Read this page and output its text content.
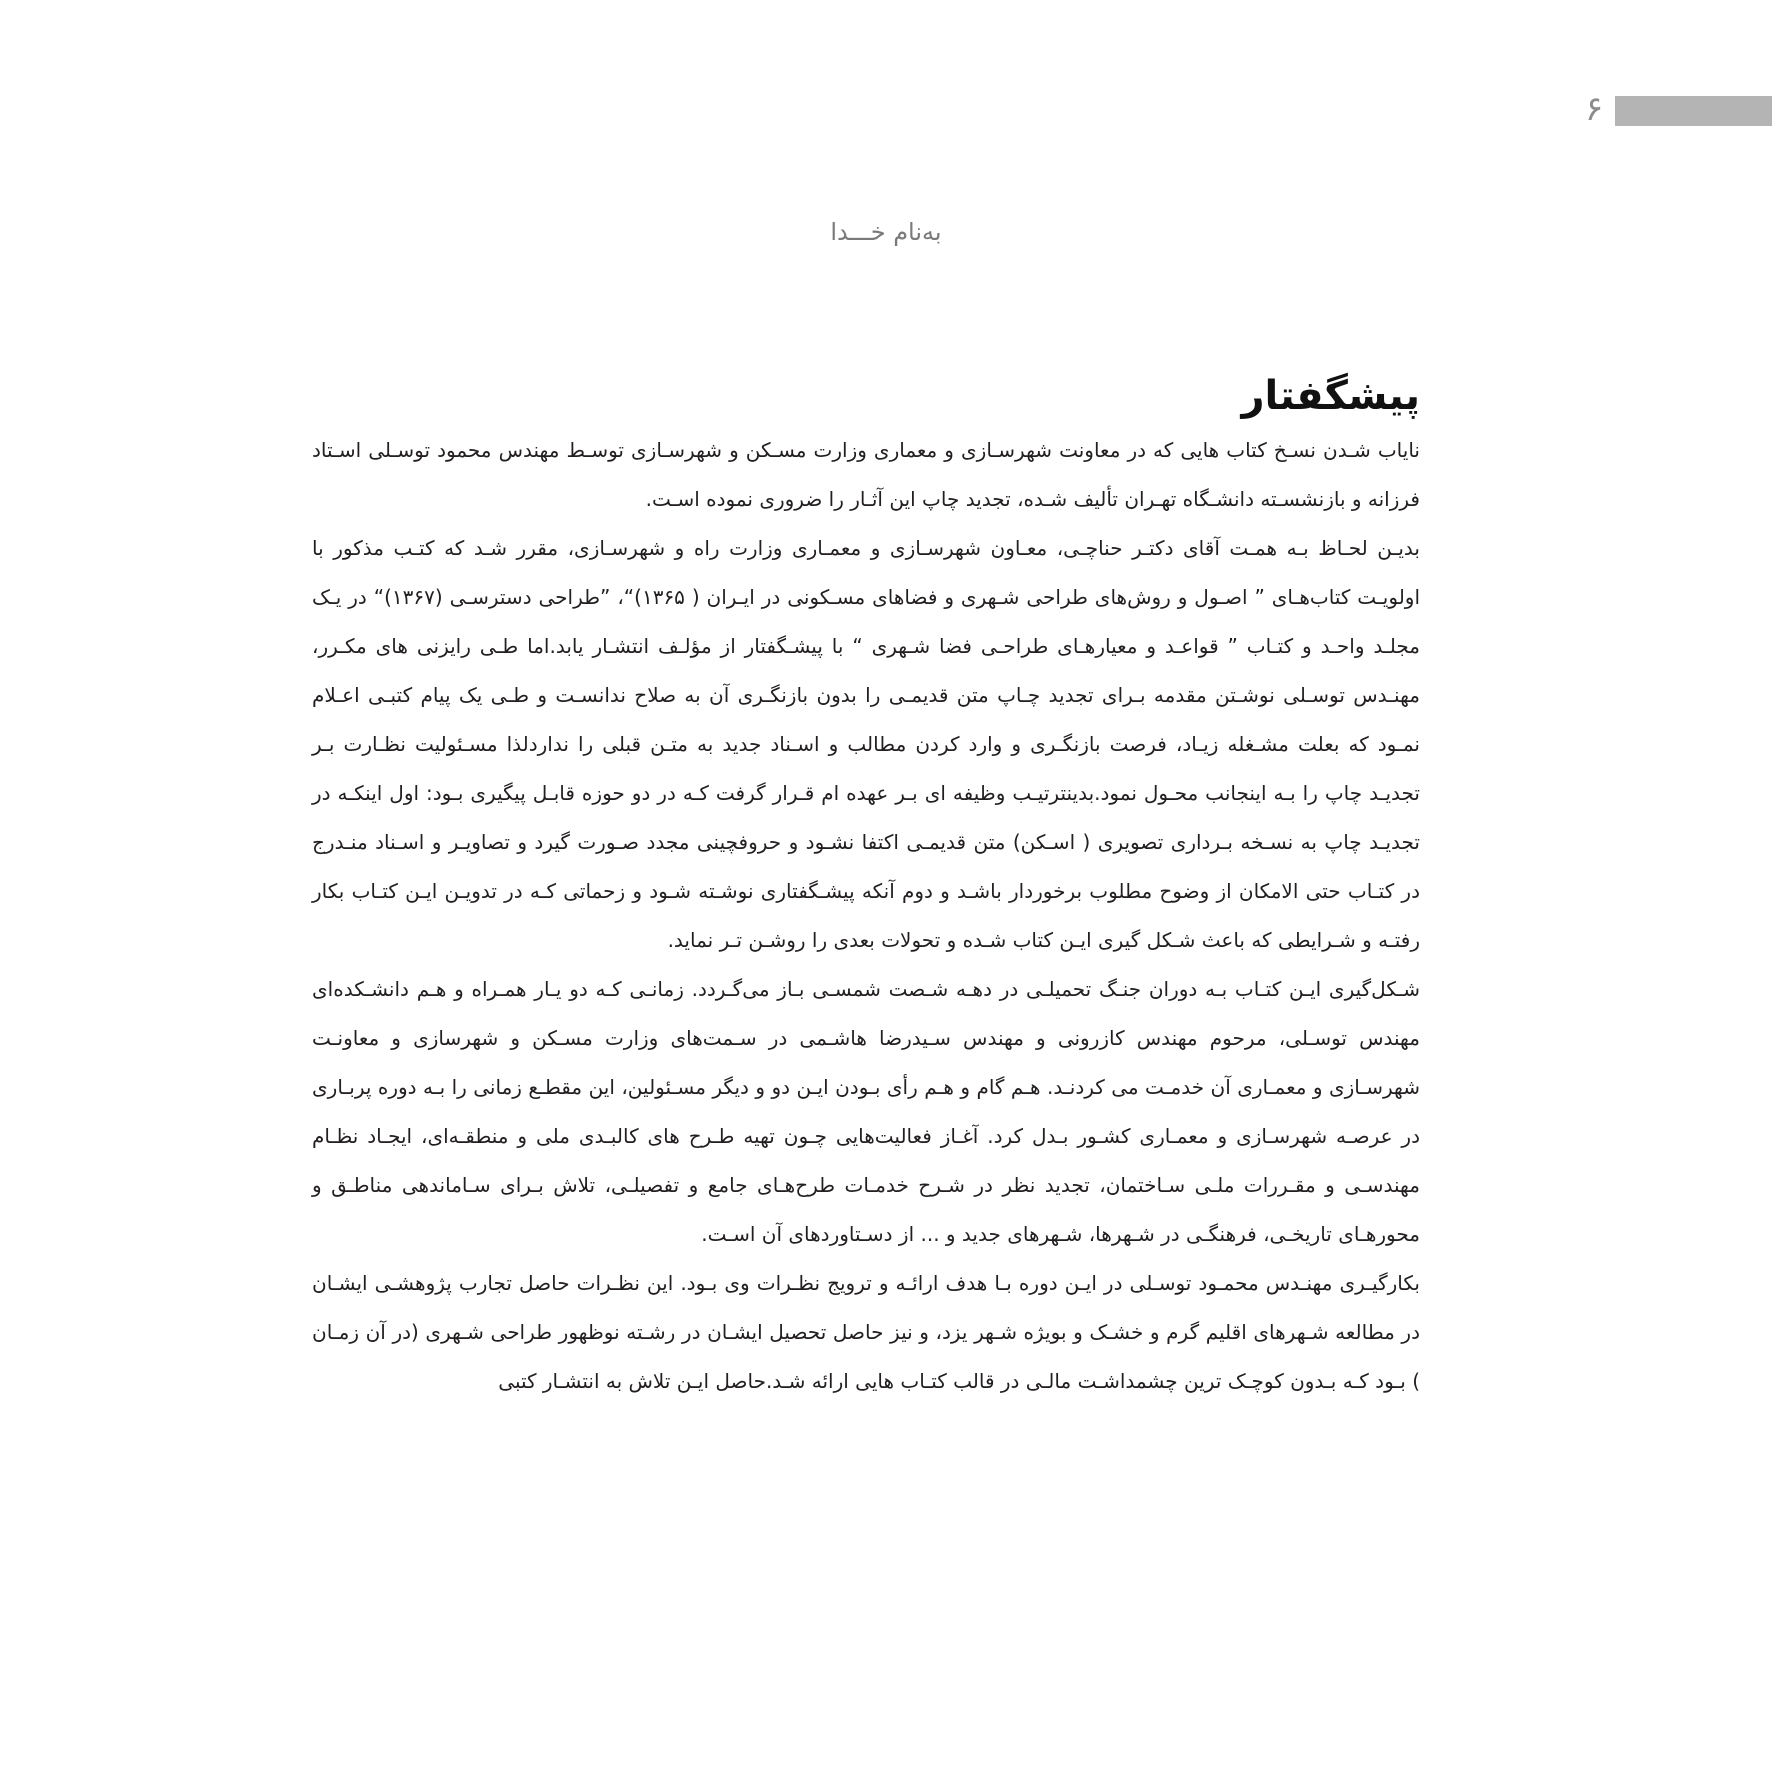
۶
به‌نام خـــدا
پیشگفتار

نایاب شـدن نسـخ کتاب هایی که در معاونت شهرسـازی و معماری وزارت مسـکن و شهرسـازی توسـط مهندس محمود توسـلی اسـتاد فرزانه و بازنشسـته دانشـگاه تهـران تألیف شـده، تجدید چاپ این آثـار را ضروری نموده اسـت.

بدیـن لحـاظ بـه همـت آقای دکتـر حناچـی، معـاون شهرسـازی و معمـاری وزارت راه و شهرسـازی، مقرر شـد که کتـب مذکور با اولویـت کتاب‌هـای ” اصـول و روش‌های طراحی شـهری و فضاهای مسـکونی در ایـران ( ۱۳۶۵)“، ”طراحی دسترسـی (۱۳۶۷)“ در یـک مجلـد واحـد و کتـاب ” قواعـد و معیارهـای طراحـی فضا شـهری “ با پیشـگفتار از مؤلـف انتشـار یابد.اما طـی رایزنی های مکـرر، مهنـدس توسـلی نوشـتن مقدمه بـرای تجدید چـاپ متن قدیمـی را بدون بازنگـری آن به صلاح ندانسـت و طـی یک پیام کتبـی اعـلام نمـود که بعلت مشـغله زیـاد، فرصت بازنگـری و وارد کردن مطالب و اسـناد جدید به متـن قبلی را نداردلذا مسـئولیت نظـارت بـر تجدیـد چاپ را بـه اینجانب محـول نمود.بدینترتیـب وظیفه ای بـر عهده ام قـرار گرفت کـه در دو حوزه قابـل پیگیری بـود: اول اینکـه در تجدیـد چاپ به نسـخه بـرداری تصویری ( اسـکن) متن قدیمـی اکتفا نشـود و حروفچینی مجدد صـورت گیرد و تصاویـر و اسـناد منـدرج در کتـاب حتی الامکان از وضوح مطلوب برخوردار باشـد و دوم آنکه پیشـگفتاری نوشـته شـود و زحماتی کـه در تدویـن ایـن کتـاب بکار رفتـه و شـرایطی که باعث شـکل گیری ایـن کتاب شـده و تحولات بعدی را روشـن تـر نماید.

شـکل‌گیری ایـن کتـاب بـه دوران جنـگ تحمیلـی در دهـه شـصت شمسـی بـاز می‌گـردد. زمانـی کـه دو یـار همـراه و هـم دانشـکده‌ای مهندس توسـلی، مرحوم مهندس کازرونی و مهندس سـیدرضا هاشـمی در سـمت‌های وزارت مسـکن و شهرسازی و معاونـت شهرسـازی و معمـاری آن خدمـت می کردنـد. هـم گام و هـم رأی بـودن ایـن دو و دیگر مسـئولین، این مقطـع زمانی را بـه دوره پربـاری در عرصـه شهرسـازی و معمـاری کشـور بـدل کرد. آغـاز فعالیت‌هایی چـون تهیه طـرح های کالبـدی ملی و منطقـه‌ای، ایجـاد نظـام مهندسـی و مقـررات ملـی سـاختمان، تجدید نظر در شـرح خدمـات طرح‌هـای جامع و تفصیلـی، تلاش بـرای سـاماندهی مناطـق و محورهـای تاریخـی، فرهنگـی در شـهرها، شـهرهای جدید و ... از دسـتاوردهای آن اسـت.

بکارگیـری مهنـدس محمـود توسـلی در ایـن دوره بـا هدف ارائـه و ترویج نظـرات وی بـود. این نظـرات حاصل تجارب پژوهشـی ایشـان در مطالعه شـهرهای اقلیم گرم و خشـک و بویژه شـهر یزد، و نیز حاصل تحصیل ایشـان در رشـته نوظهور طراحی شـهری (در آن زمـان ) بـود کـه بـدون کوچـک ترین چشمداشـت مالـی در قالب کتـاب هایی ارائه شـد.حاصل ایـن تلاش به انتشـار کتبی
